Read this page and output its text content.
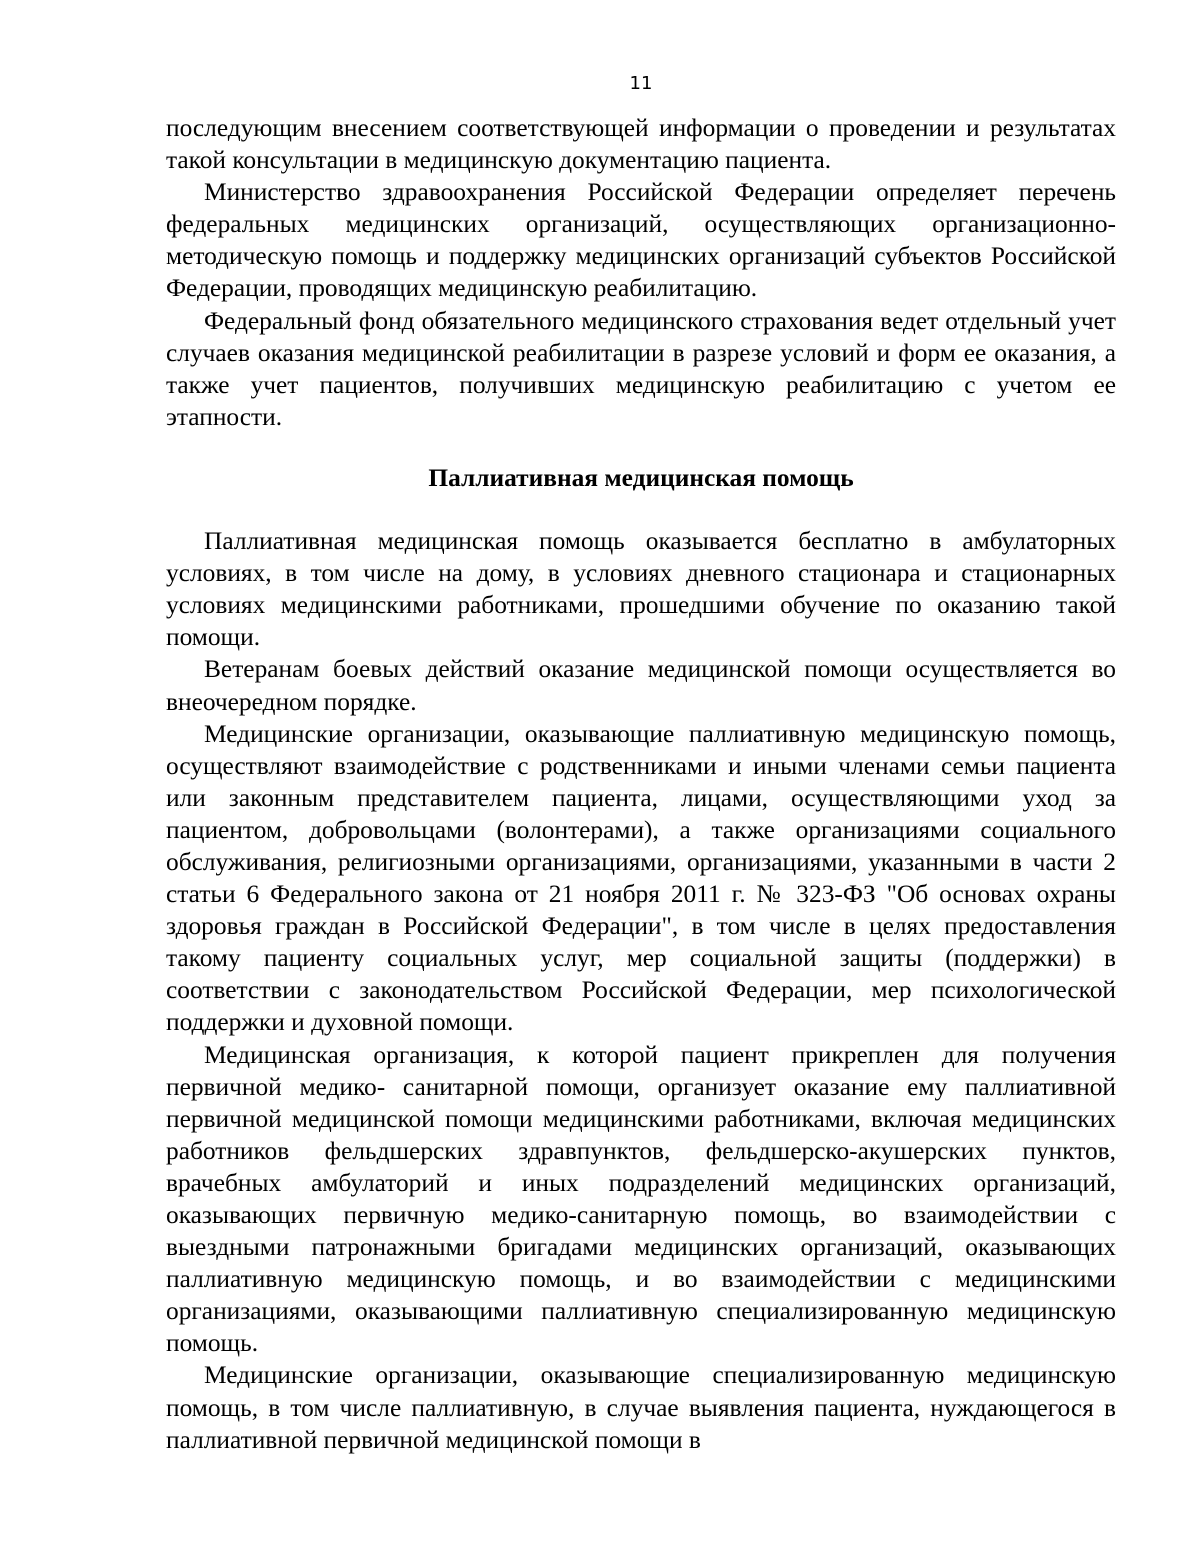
11

последующим внесением соответствующей информации о проведении и результатах такой консультации в медицинскую документацию пациента.

Министерство здравоохранения Российской Федерации определяет перечень федеральных медицинских организаций, осуществляющих организационно-методическую помощь и поддержку медицинских организаций субъектов Российской Федерации, проводящих медицинскую реабилитацию.

Федеральный фонд обязательного медицинского страхования ведет отдельный учет случаев оказания медицинской реабилитации в разрезе условий и форм ее оказания, а также учет пациентов, получивших медицинскую реабилитацию с учетом ее этапности.

Паллиативная медицинская помощь

Паллиативная медицинская помощь оказывается бесплатно в амбулаторных условиях, в том числе на дому, в условиях дневного стационара и стационарных условиях медицинскими работниками, прошедшими обучение по оказанию такой помощи.

Ветеранам боевых действий оказание медицинской помощи осуществляется во внеочередном порядке.

Медицинские организации, оказывающие паллиативную медицинскую помощь, осуществляют взаимодействие с родственниками и иными членами семьи пациента или законным представителем пациента, лицами, осуществляющими уход за пациентом, добровольцами (волонтерами), а также организациями социального обслуживания, религиозными организациями, организациями, указанными в части 2 статьи 6 Федерального закона от 21 ноября 2011 г. № 323-ФЗ "Об основах охраны здоровья граждан в Российской Федерации", в том числе в целях предоставления такому пациенту социальных услуг, мер социальной защиты (поддержки) в соответствии с законодательством Российской Федерации, мер психологической поддержки и духовной помощи.

Медицинская организация, к которой пациент прикреплен для получения первичной медико- санитарной помощи, организует оказание ему паллиативной первичной медицинской помощи медицинскими работниками, включая медицинских работников фельдшерских здравпунктов, фельдшерско-акушерских пунктов, врачебных амбулаторий и иных подразделений медицинских организаций, оказывающих первичную медико-санитарную помощь, во взаимодействии с выездными патронажными бригадами медицинских организаций, оказывающих паллиативную медицинскую помощь, и во взаимодействии с медицинскими организациями, оказывающими паллиативную специализированную медицинскую помощь.

Медицинские организации, оказывающие специализированную медицинскую помощь, в том числе паллиативную, в случае выявления пациента, нуждающегося в паллиативной первичной медицинской помощи в
